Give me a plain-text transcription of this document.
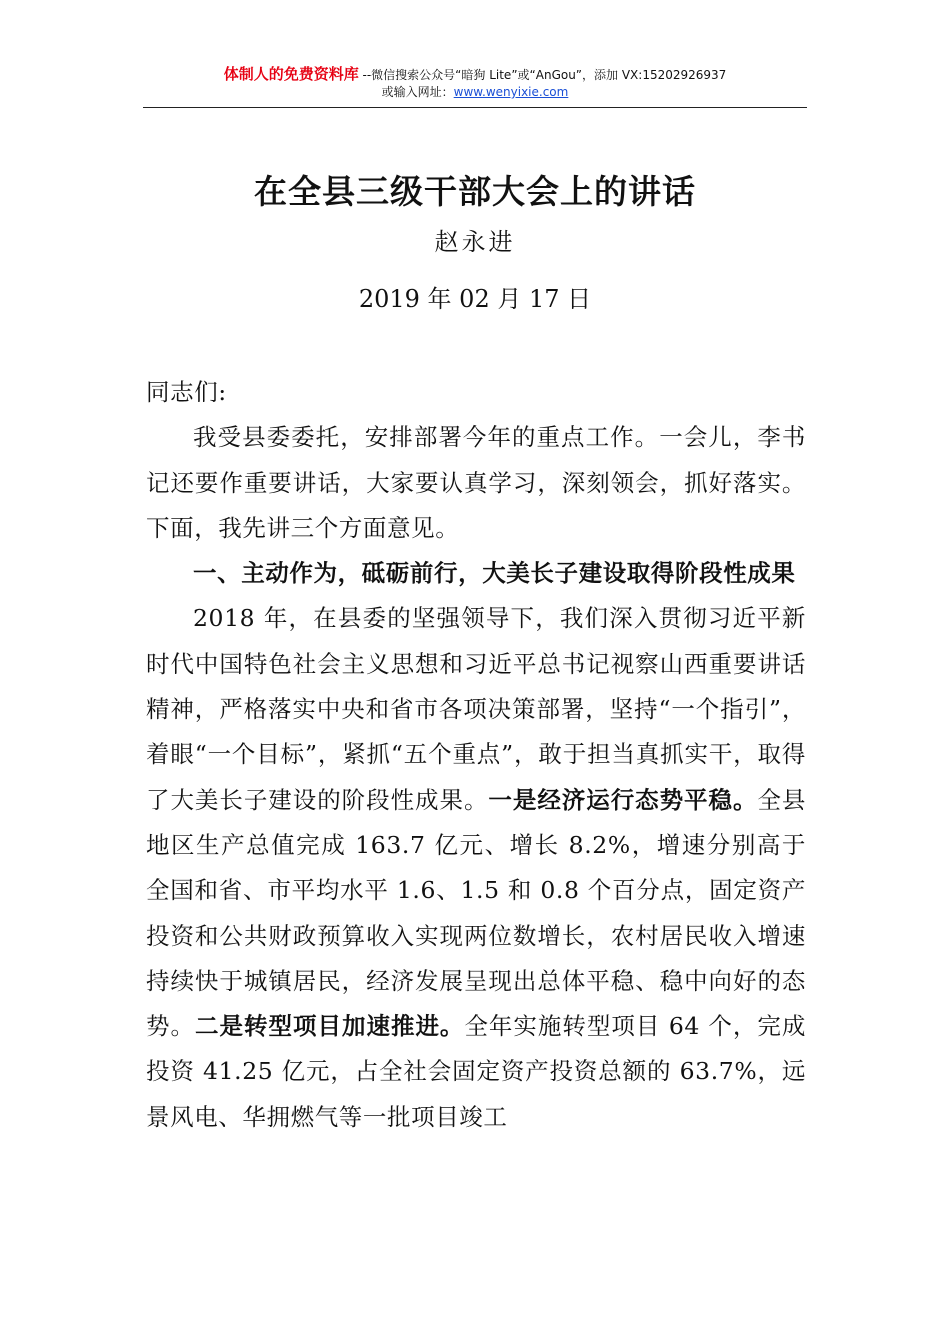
体制人的免费资料库 --微信搜索公众号“暗狗 Lite”或“AnGou”，添加 VX:15202926937
或输入网址：www.wenyixie.com
在全县三级干部大会上的讲话
赵永进
2019 年 02 月 17 日

同志们:

我受县委委托，安排部署今年的重点工作。一会儿，李书记还要作重要讲话，大家要认真学习，深刻领会，抓好落实。下面，我先讲三个方面意见。

一、主动作为，砥砺前行，大美长子建设取得阶段性成果

2018 年，在县委的坚强领导下，我们深入贯彻习近平新时代中国特色社会主义思想和习近平总书记视察山西重要讲话精神，严格落实中央和省市各项决策部署，坚持“一个指引”，着眼“一个目标”，紧抓“五个重点”，敢于担当真抓实干，取得了大美长子建设的阶段性成果。一是经济运行态势平稳。全县地区生产总值完成 163.7 亿元、增长 8.2%，增速分别高于全国和省、市平均水平 1.6、1.5 和 0.8 个百分点，固定资产投资和公共财政预算收入实现两位数增长，农村居民收入增速持续快于城镇居民，经济发展呈现出总体平稳、稳中向好的态势。二是转型项目加速推进。全年实施转型项目 64 个，完成投资 41.25 亿元，占全社会固定资产投资总额的 63.7%，远景风电、华拥燃气等一批项目竣工
